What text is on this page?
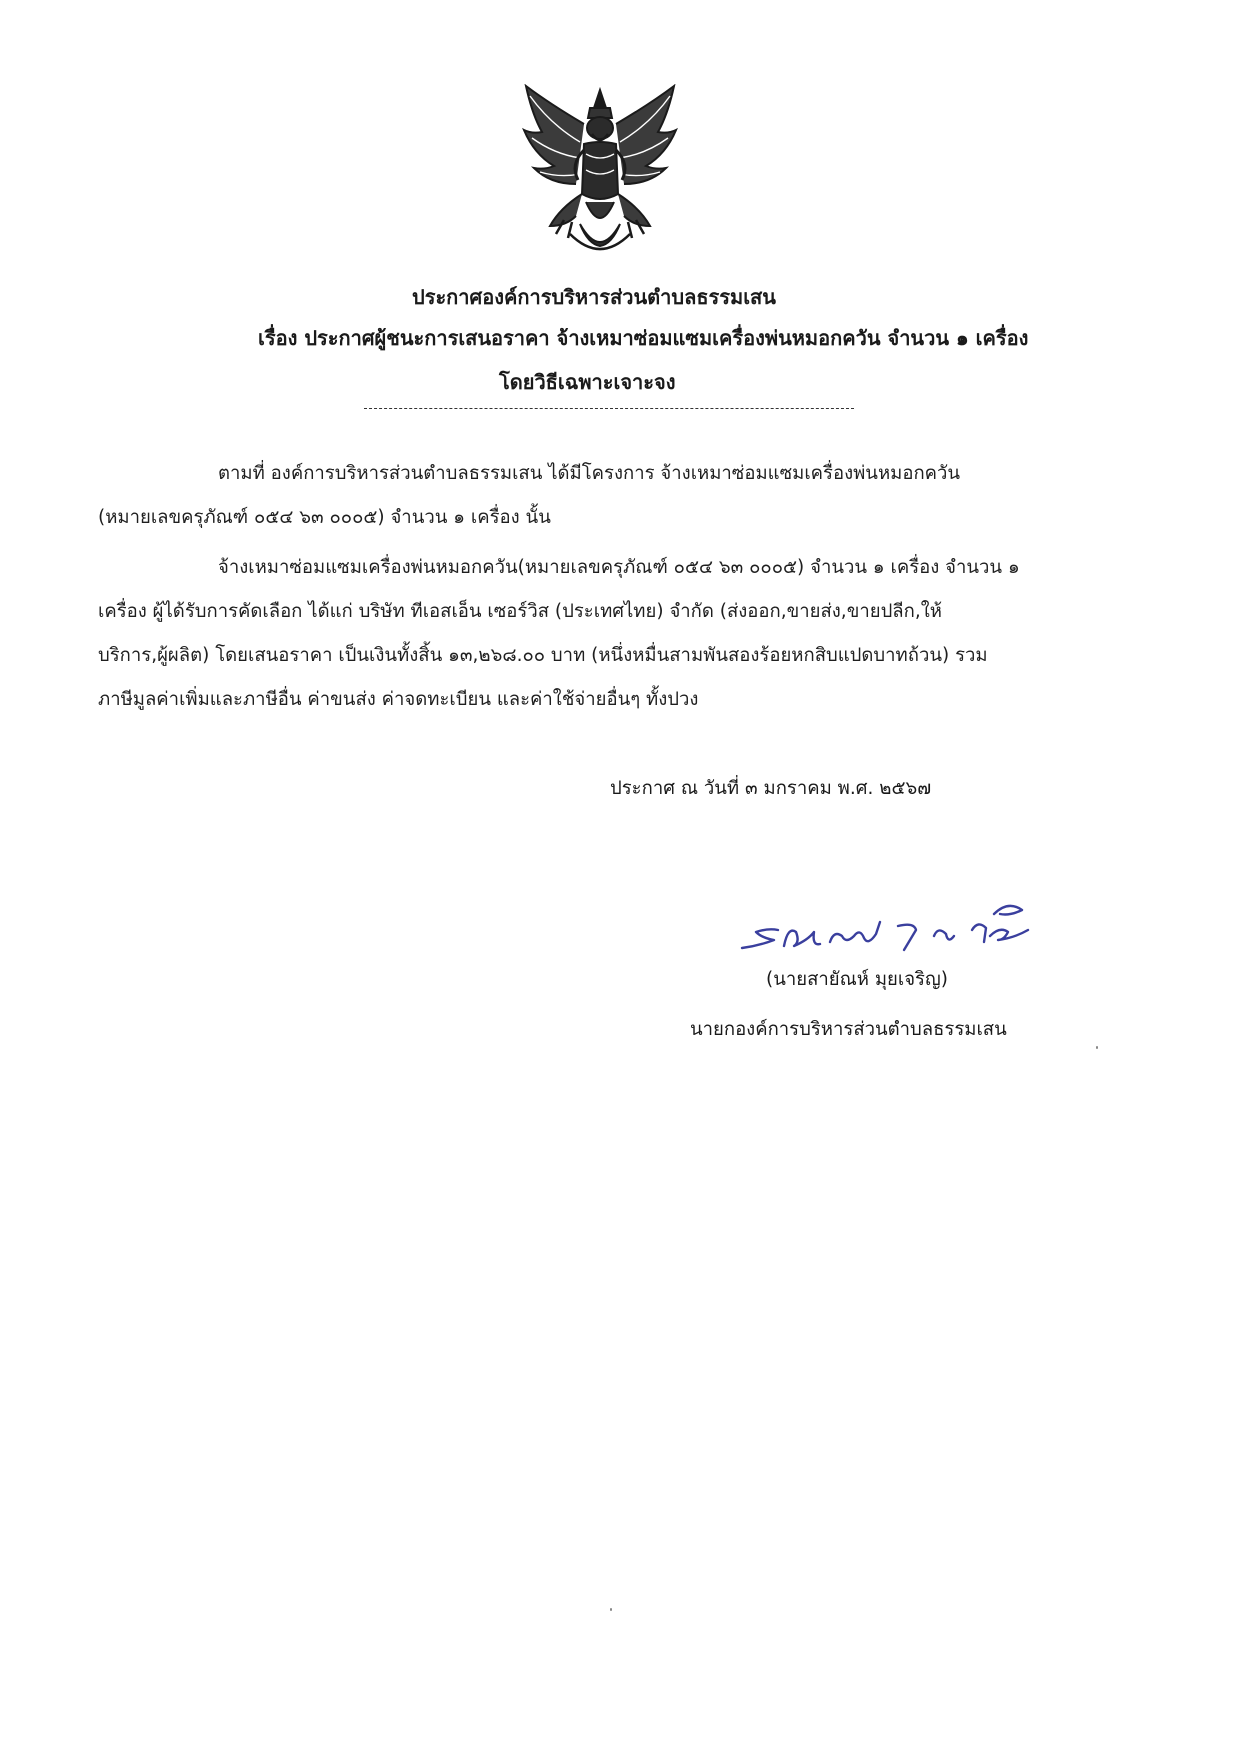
ประกาศองค์การบริหารส่วนตำบลธรรมเสน
เรื่อง ประกาศผู้ชนะการเสนอราคา จ้างเหมาซ่อมแซมเครื่องพ่นหมอกควัน จำนวน ๑ เครื่อง
โดยวิธีเฉพาะเจาะจง
ตามที่ องค์การบริหารส่วนตำบลธรรมเสน ได้มีโครงการ จ้างเหมาซ่อมแซมเครื่องพ่นหมอกควัน
(หมายเลขครุภัณฑ์ ๐๕๔ ๖๓ ๐๐๐๕) จำนวน ๑ เครื่อง นั้น
จ้างเหมาซ่อมแซมเครื่องพ่นหมอกควัน(หมายเลขครุภัณฑ์ ๐๕๔ ๖๓ ๐๐๐๕) จำนวน ๑ เครื่อง จำนวน ๑
เครื่อง ผู้ได้รับการคัดเลือก ได้แก่ บริษัท ทีเอสเอ็น เซอร์วิส (ประเทศไทย) จำกัด (ส่งออก,ขายส่ง,ขายปลีก,ให้
บริการ,ผู้ผลิต) โดยเสนอราคา เป็นเงินทั้งสิ้น ๑๓,๒๖๘.๐๐ บาท (หนึ่งหมื่นสามพันสองร้อยหกสิบแปดบาทถ้วน) รวม
ภาษีมูลค่าเพิ่มและภาษีอื่น ค่าขนส่ง ค่าจดทะเบียน และค่าใช้จ่ายอื่นๆ ทั้งปวง
ประกาศ ณ วันที่ ๓ มกราคม พ.ศ. ๒๕๖๗
(นายสายัณห์ มุยเจริญ)
นายกองค์การบริหารส่วนตำบลธรรมเสน
